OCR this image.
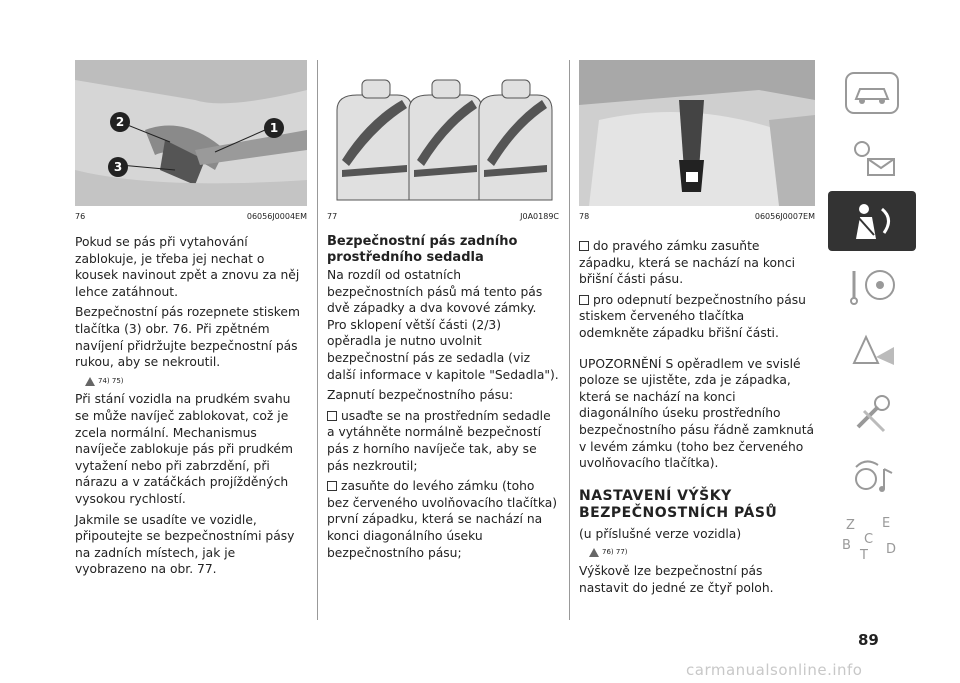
2	1
3
76	06056J0004EM

Pokud se pás při vytahování zablokuje, je třeba jej nechat o kousek navinout zpět a znovu za něj lehce zatáhnout.

Bezpečnostní pás rozepnete stiskem tlačítka (3) obr. 76. Při zpětném navíjení přidržujte bezpečnostní pás rukou, aby se nekroutil.

74) 75)

Při stání vozidla na prudkém svahu se může navíječ zablokovat, což je zcela normální. Mechanismus navíječe zablokuje pás při prudkém vytažení nebo při zabrzdění, při nárazu a v zatáčkách projížděných vysokou rychlostí.

Jakmile se usadíte ve vozidle, připoutejte se bezpečnostními pásy na zadních místech, jak je vyobrazeno na obr. 77.

77	J0A0189C
Bezpečnostní pás zadního prostředního sedadla

Na rozdíl od ostatních bezpečnostních pásů má tento pás dvě západky a dva kovové zámky. Pro sklopení větší části (2/3) opěradla je nutno uvolnit bezpečnostní pás ze sedadla (viz další informace v kapitole "Sedadla").

Zapnutí bezpečnostního pásu:

usaďte se na prostředním sedadle a vytáhněte normálně bezpečností pás z horního navíječe tak, aby se pás nezkroutil;

zasuňte do levého zámku (toho bez červeného uvolňovacího tlačítka) první západku, která se nachází na konci diagonálního úseku bezpečnostního pásu;

78	06056J0007EM

do pravého zámku zasuňte západku, která se nachází na konci břišní části pásu.

pro odepnutí bezpečnostního pásu stiskem červeného tlačítka odemkněte západku břišní části.

UPOZORNĚNÍ S opěradlem ve svislé poloze se ujistěte, zda je západka, která se nachází na konci diagonálního úseku prostředního bezpečnostního pásu řádně zamknutá v levém zámku (toho bez červeného uvolňovacího tlačítka).

NASTAVENÍ VÝŠKY BEZPEČNOSTNÍCH PÁSŮ

(u příslušné verze vozidla)

76) 77)

Výškově lze bezpečnostní pás nastavit do jedné ze čtyř poloh.

Z E
B C
T D
89
carmanualsonline.info
